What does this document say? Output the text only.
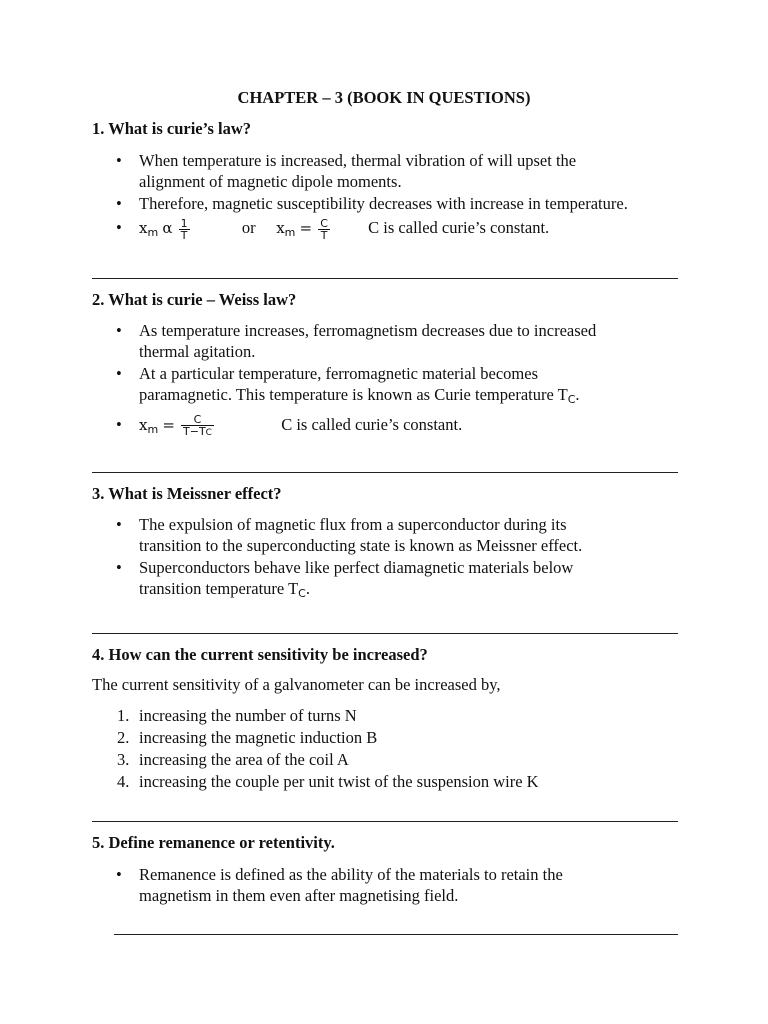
CHAPTER – 3 (BOOK IN QUESTIONS)
1. What is curie’s law?
• When temperature is increased, thermal vibration of will upset the
alignment of magnetic dipole moments.
• Therefore, magnetic susceptibility decreases with increase in temperature.
• $x_m$ α $\frac{1}{T}$	or $x_m = \frac{C}{T}$ C is called curie’s constant.
2. What is curie – Weiss law?
• As temperature increases, ferromagnetism decreases due to increased
thermal agitation.
• At a particular temperature, ferromagnetic material becomes
paramagnetic. This temperature is known as Curie temperature $T_C$.
• $x_m = \frac{C}{T-TC}$	C is called curie’s constant.
3. What is Meissner effect?
• The expulsion of magnetic flux from a superconductor during its
transition to the superconducting state is known as Meissner effect.
• Superconductors behave like perfect diamagnetic materials below
transition temperature $T_C$.
4. How can the current sensitivity be increased?
The current sensitivity of a galvanometer can be increased by,
1. increasing the number of turns N
2. increasing the magnetic induction B
3. increasing the area of the coil A
4. increasing the couple per unit twist of the suspension wire K
5. Define remanence or retentivity.
• Remanence is defined as the ability of the materials to retain the
magnetism in them even after magnetising field.
